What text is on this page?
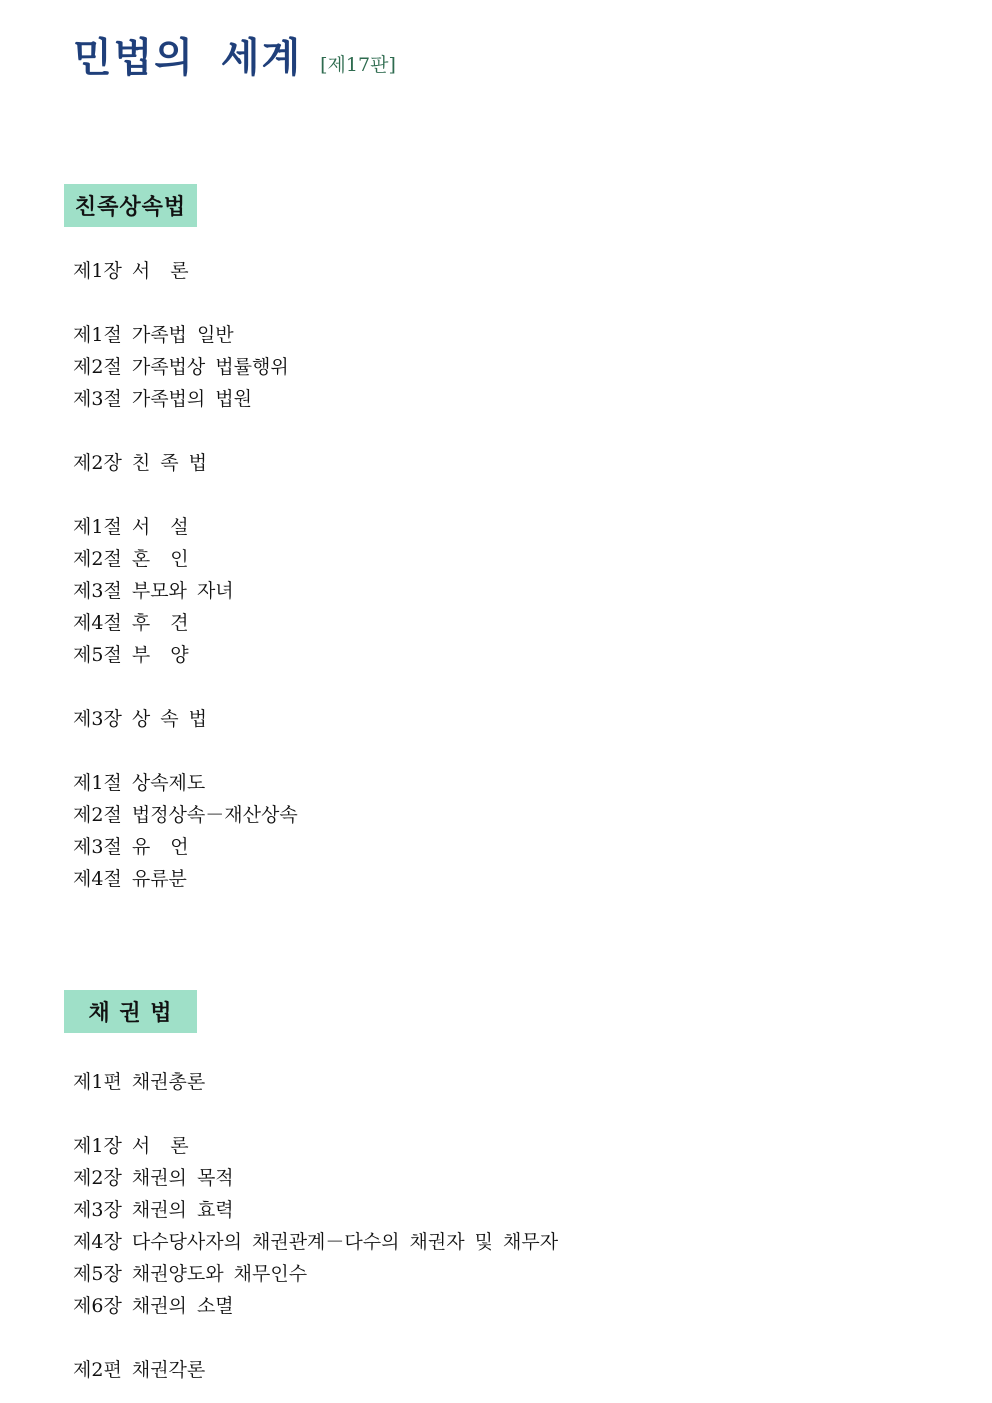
민법의 세계 [제17판]
친족상속법
제1장 서  론
제1절 가족법 일반
제2절 가족법상 법률행위
제3절 가족법의 법원
제2장 친 족 법
제1절 서  설
제2절 혼  인
제3절 부모와 자녀
제4절 후  견
제5절 부  양
제3장 상 속 법
제1절 상속제도
제2절 법정상속－재산상속
제3절 유  언
제4절 유류분
채 권 법
제1편 채권총론
제1장 서  론
제2장 채권의 목적
제3장 채권의 효력
제4장 다수당사자의 채권관계－다수의 채권자 및 채무자
제5장 채권양도와 채무인수
제6장 채권의 소멸
제2편 채권각론
